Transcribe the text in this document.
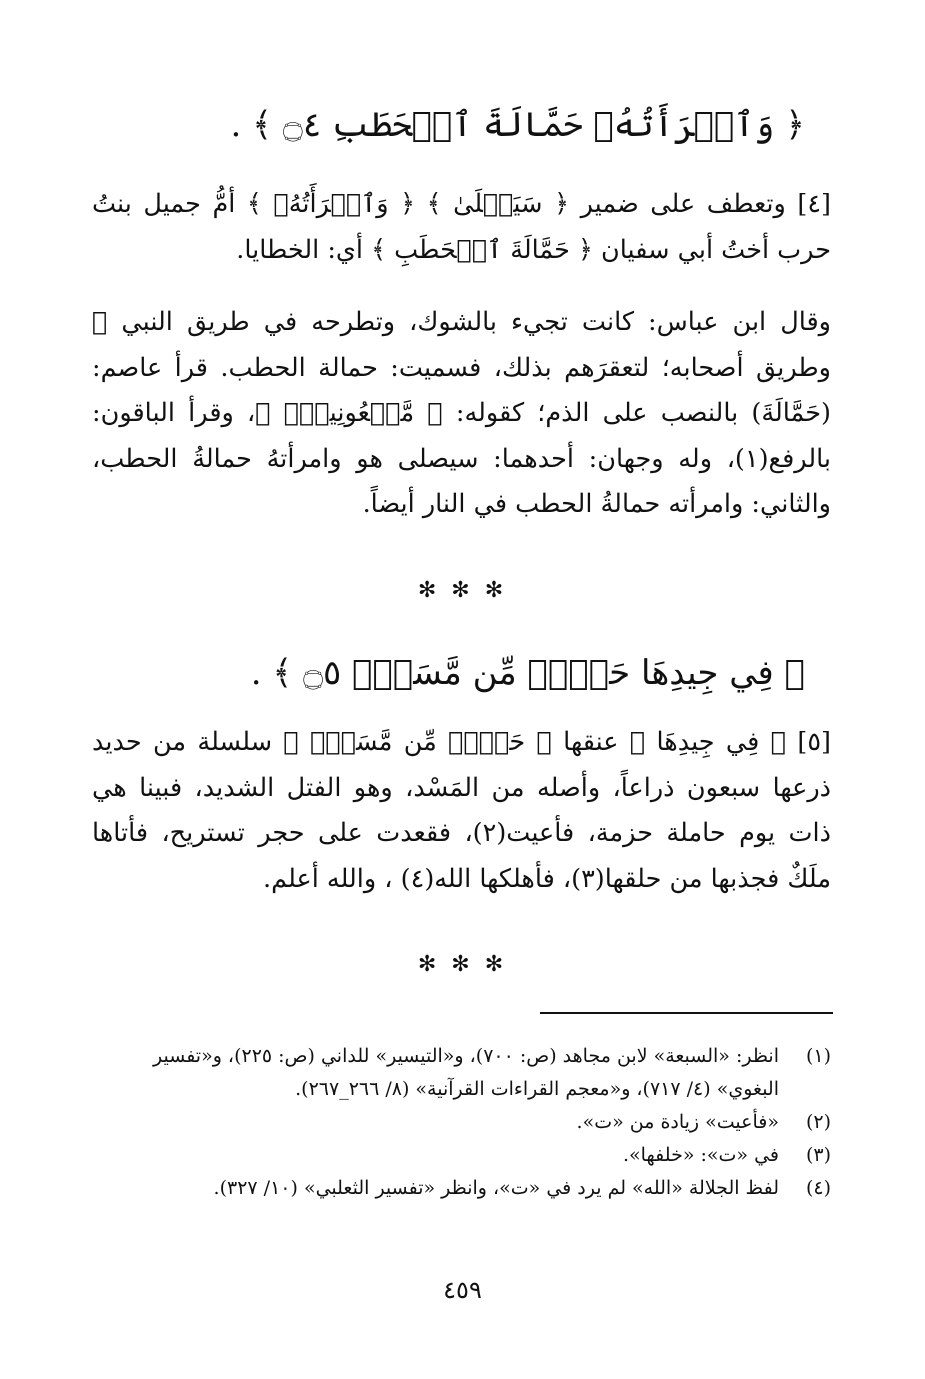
﴿ وَٱمۡرَأَتُهُۥ حَمَّالَةَ ٱلۡحَطَبِ ۝٤ ﴾ .

[٤] وتعطف على ضمير ﴿ سَيَصۡلَىٰ ﴾ ﴿ وَٱمۡرَأَتُهُۥ ﴾ أمُّ جميل بنتُ حرب أختُ أبي سفيان ﴿ حَمَّالَةَ ٱلۡحَطَبِ ﴾ أي: الخطايا.

وقال ابن عباس: كانت تجيء بالشوك، وتطرحه في طريق النبي ﷺ وطريق أصحابه؛ لتعقرَهم بذلك، فسميت: حمالة الحطب. قرأ عاصم: (حَمَّالَةَ) بالنصب على الذم؛ كقوله: ﴿ مَّلۡعُونِينَۖ ﴾، وقرأ الباقون: بالرفع(١)، وله وجهان: أحدهما: سيصلى هو وامرأتهُ حمالةُ الحطب، والثاني: وامرأته حمالةُ الحطب في النار أيضاً.

✻ ✻ ✻
﴿ فِي جِيدِهَا حَبۡلٞ مِّن مَّسَدِۭ ۝٥ ﴾ .

[٥] ﴿ فِي جِيدِهَا ﴾ عنقها ﴿ حَبۡلٞ مِّن مَّسَدِۭ ﴾ سلسلة من حديد ذرعها سبعون ذراعاً، وأصله من المَسْد، وهو الفتل الشديد، فبينا هي ذات يوم حاملة حزمة، فأعيت(٢)، فقعدت على حجر تستريح، فأتاها ملَكٌ فجذبها من حلقها(٣)، فأهلكها الله(٤) ، والله أعلم.

✻ ✻ ✻
(١)
انظر: «السبعة» لابن مجاهد (ص: ٧٠٠)، و«التيسير» للداني (ص: ٢٢٥)، و«تفسير البغوي» (٤/ ٧١٧)، و«معجم القراءات القرآنية» (٨/ ٢٦٦_٢٦٧).
(٢)
«فأعيت» زيادة من «ت».
(٣)
في «ت»: «خلفها».
(٤)
لفظ الجلالة «الله» لم يرد في «ت»، وانظر «تفسير الثعلبي» (١٠/ ٣٢٧).
٤٥٩
